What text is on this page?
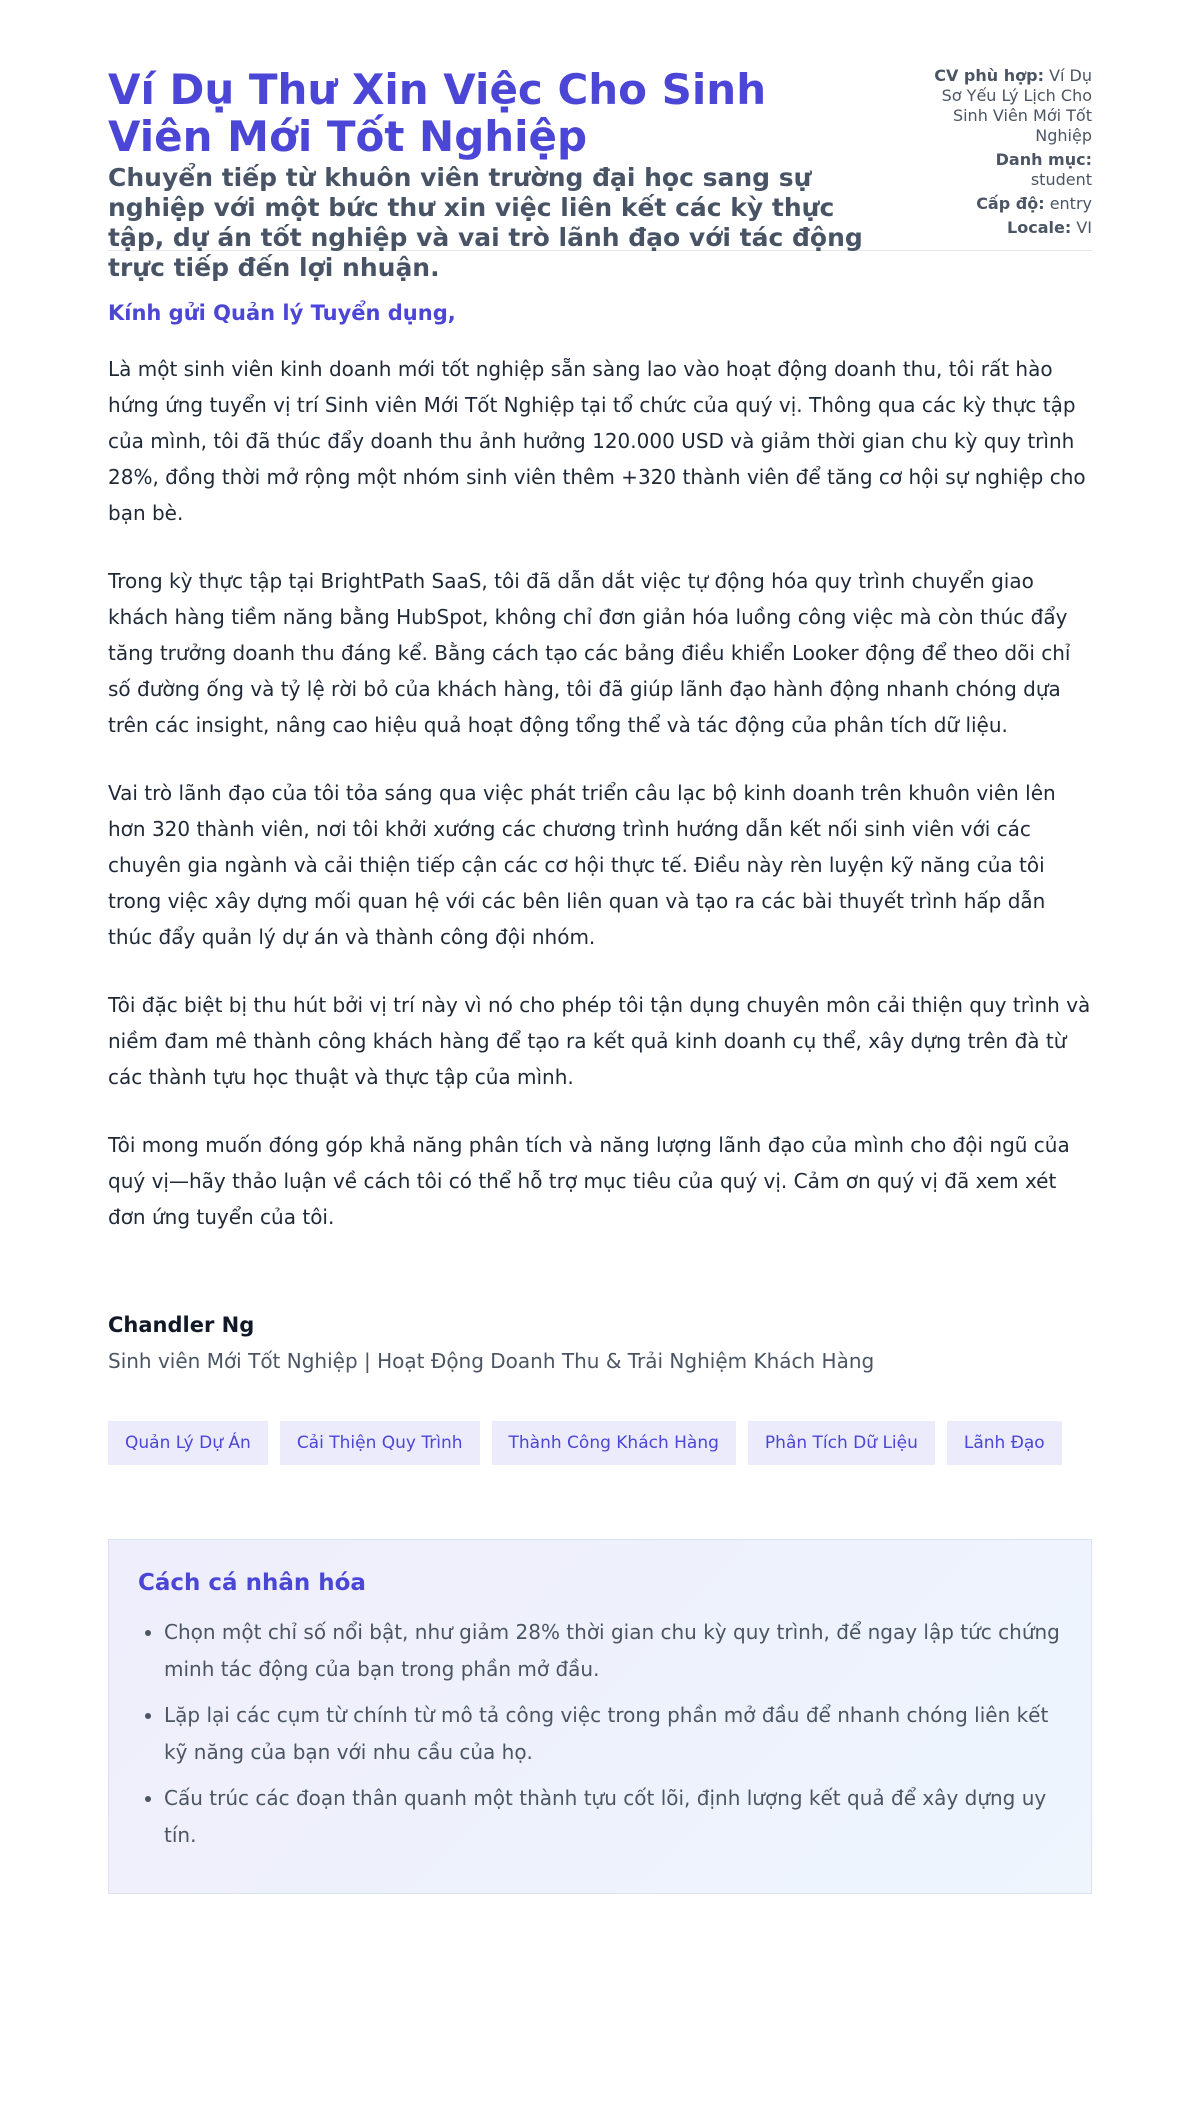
Ví Dụ Thư Xin Việc Cho Sinh Viên Mới Tốt Nghiệp
Chuyển tiếp từ khuôn viên trường đại học sang sự nghiệp với một bức thư xin việc liên kết các kỳ thực tập, dự án tốt nghiệp và vai trò lãnh đạo với tác động trực tiếp đến lợi nhuận.
CV phù hợp: Ví Dụ Sơ Yếu Lý Lịch Cho Sinh Viên Mới Tốt Nghiệp
Danh mục: student
Cấp độ: entry
Locale: VI
Kính gửi Quản lý Tuyển dụng,

Là một sinh viên kinh doanh mới tốt nghiệp sẵn sàng lao vào hoạt động doanh thu, tôi rất hào hứng ứng tuyển vị trí Sinh viên Mới Tốt Nghiệp tại tổ chức của quý vị. Thông qua các kỳ thực tập của mình, tôi đã thúc đẩy doanh thu ảnh hưởng 120.000 USD và giảm thời gian chu kỳ quy trình 28%, đồng thời mở rộng một nhóm sinh viên thêm +320 thành viên để tăng cơ hội sự nghiệp cho bạn bè.

Trong kỳ thực tập tại BrightPath SaaS, tôi đã dẫn dắt việc tự động hóa quy trình chuyển giao khách hàng tiềm năng bằng HubSpot, không chỉ đơn giản hóa luồng công việc mà còn thúc đẩy tăng trưởng doanh thu đáng kể. Bằng cách tạo các bảng điều khiển Looker động để theo dõi chỉ số đường ống và tỷ lệ rời bỏ của khách hàng, tôi đã giúp lãnh đạo hành động nhanh chóng dựa trên các insight, nâng cao hiệu quả hoạt động tổng thể và tác động của phân tích dữ liệu.

Vai trò lãnh đạo của tôi tỏa sáng qua việc phát triển câu lạc bộ kinh doanh trên khuôn viên lên hơn 320 thành viên, nơi tôi khởi xướng các chương trình hướng dẫn kết nối sinh viên với các chuyên gia ngành và cải thiện tiếp cận các cơ hội thực tế. Điều này rèn luyện kỹ năng của tôi trong việc xây dựng mối quan hệ với các bên liên quan và tạo ra các bài thuyết trình hấp dẫn thúc đẩy quản lý dự án và thành công đội nhóm.

Tôi đặc biệt bị thu hút bởi vị trí này vì nó cho phép tôi tận dụng chuyên môn cải thiện quy trình và niềm đam mê thành công khách hàng để tạo ra kết quả kinh doanh cụ thể, xây dựng trên đà từ các thành tựu học thuật và thực tập của mình.

Tôi mong muốn đóng góp khả năng phân tích và năng lượng lãnh đạo của mình cho đội ngũ của quý vị—hãy thảo luận về cách tôi có thể hỗ trợ mục tiêu của quý vị. Cảm ơn quý vị đã xem xét đơn ứng tuyển của tôi.

Chandler Ng
Sinh viên Mới Tốt Nghiệp | Hoạt Động Doanh Thu & Trải Nghiệm Khách Hàng
Quản Lý Dự Án	Cải Thiện Quy Trình	Thành Công Khách Hàng	Phân Tích Dữ Liệu	Lãnh Đạo
Cách cá nhân hóa
• Chọn một chỉ số nổi bật, như giảm 28% thời gian chu kỳ quy trình, để ngay lập tức chứng minh tác động của bạn trong phần mở đầu.
• Lặp lại các cụm từ chính từ mô tả công việc trong phần mở đầu để nhanh chóng liên kết kỹ năng của bạn với nhu cầu của họ.
• Cấu trúc các đoạn thân quanh một thành tựu cốt lõi, định lượng kết quả để xây dựng uy tín.
